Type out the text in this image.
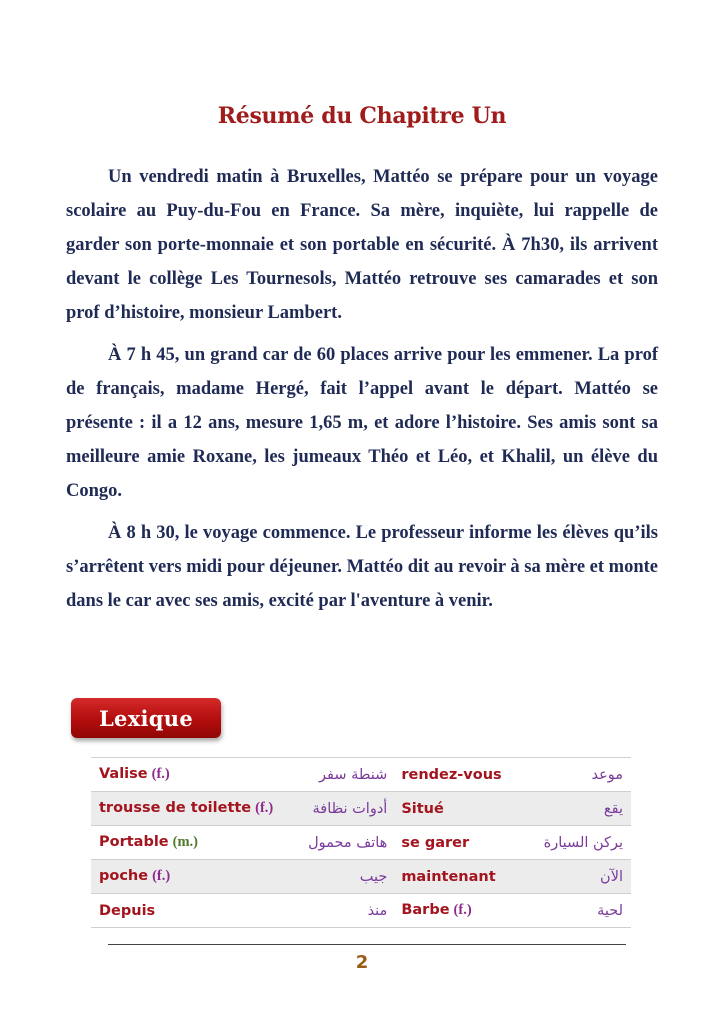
Résumé du Chapitre Un

Un vendredi matin à Bruxelles, Mattéo se prépare pour un voyage scolaire au Puy-du-Fou en France. Sa mère, inquiète, lui rappelle de garder son porte-monnaie et son portable en sécurité. À 7h30, ils arrivent devant le collège Les Tournesols, Mattéo retrouve ses camarades et son prof d’histoire, monsieur Lambert.

À 7 h 45, un grand car de 60 places arrive pour les emmener. La prof de français, madame Hergé, fait l’appel avant le départ. Mattéo se présente : il a 12 ans, mesure 1,65 m, et adore l’histoire. Ses amis sont sa meilleure amie Roxane, les jumeaux Théo et Léo, et Khalil, un élève du Congo.

À 8 h 30, le voyage commence. Le professeur informe les élèves qu’ils s’arrêtent vers midi pour déjeuner. Mattéo dit au revoir à sa mère et monte dans le car avec ses amis, excité par l'aventure à venir.

Lexique
Valise (f.)	شنطة سفر	rendez-vous	موعد
trousse de toilette (f.)	أدوات نظافة	Situé	يقع
Portable (m.)	هاتف محمول	se garer	يركن السيارة
poche (f.)	جيب	maintenant	الآن
Depuis	منذ	Barbe (f.)	لحية
2
